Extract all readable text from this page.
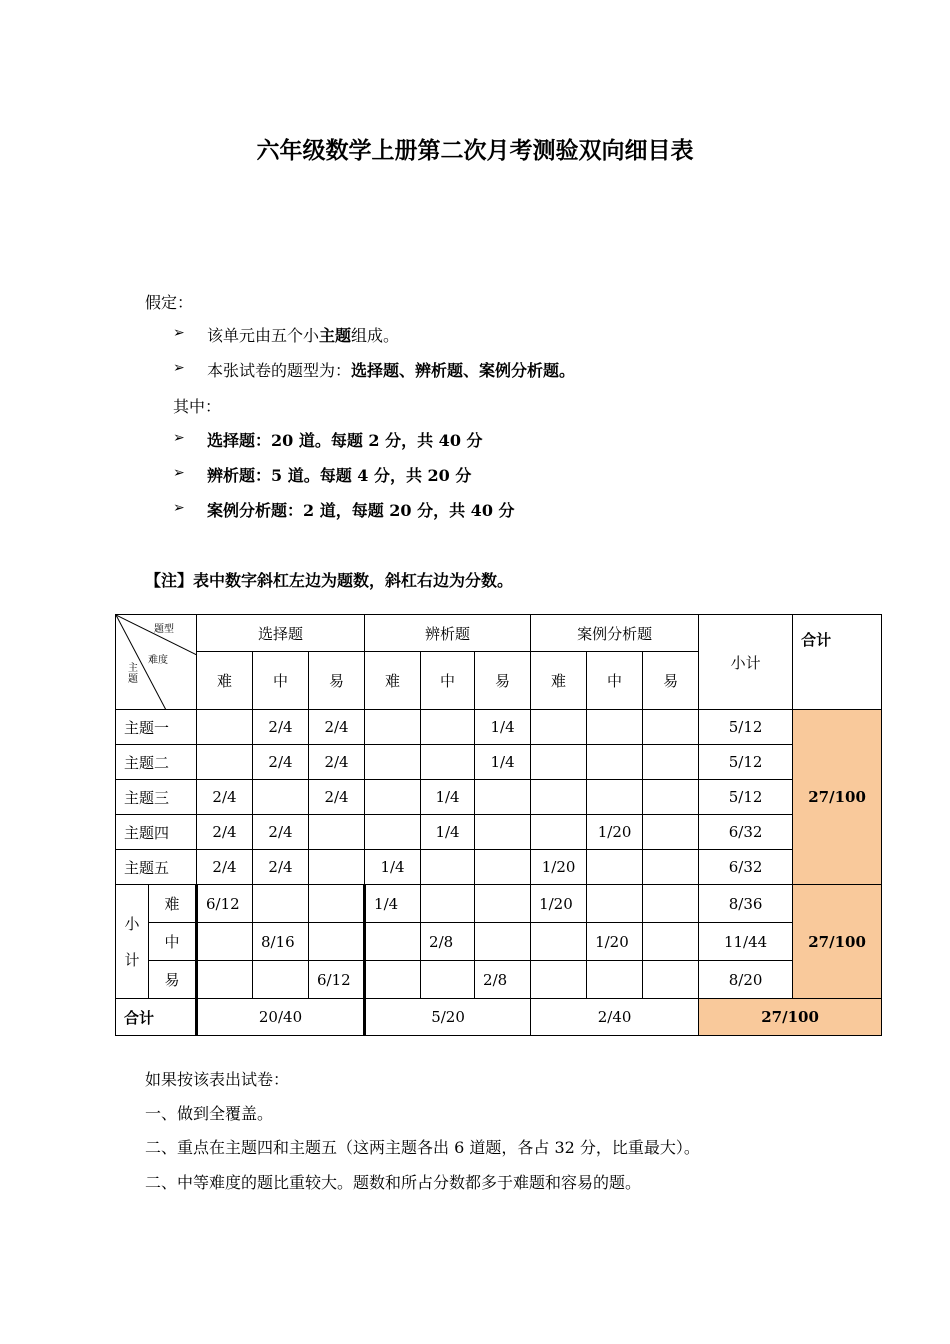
六年级数学上册第二次月考测验双向细目表
假定：
➢ 该单元由五个小主题组成。
➢ 本张试卷的题型为：选择题、辨析题、案例分析题。
其中：
➢ 选择题：20 道。每题 2 分，共 40 分
➢ 辨析题：5 道。每题 4 分，共 20 分
➢ 案例分析题：2 道，每题 20 分，共 40 分
【注】表中数字斜杠左边为题数，斜杠右边为分数。
题型
难度
主
题		选择题			辨析题			案例分析题			小计	合计
		难	中	易	难	中	易	难	中	易		
主题一			2/4	2/4			1/4				5/12	27/100
主题二			2/4	2/4			1/4				5/12	
主题三		2/4		2/4		1/4					5/12	
主题四		2/4	2/4			1/4			1/20		6/32	
主题五		2/4	2/4		1/4			1/20			6/32	
小

计	难	6/12			1/4			1/20			8/36	27/100
	中		8/16			2/8			1/20		11/44	
	易			6/12			2/8				8/20	
合计		20/40			5/20			2/40			27/100	
如果按该表出试卷：
一、做到全覆盖。
二、重点在主题四和主题五（这两主题各出 6 道题，各占 32 分，比重最大）。
二、中等难度的题比重较大。题数和所占分数都多于难题和容易的题。
